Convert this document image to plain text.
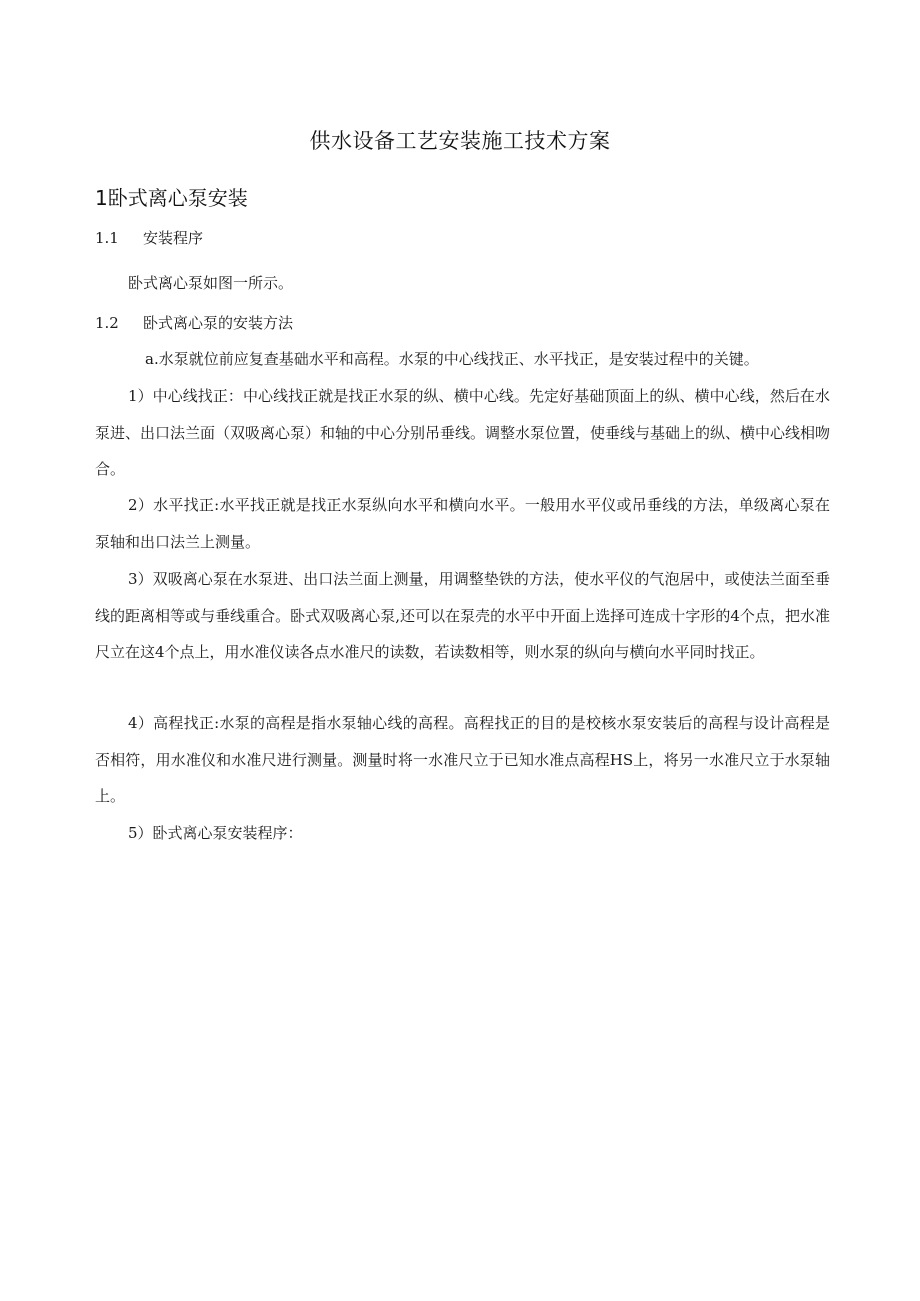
供水设备工艺安装施工技术方案
1卧式离心泵安装
1.1 安装程序

卧式离心泵如图一所示。

1.2 卧式离心泵的安装方法

a.水泵就位前应复查基础水平和高程。水泵的中心线找正、水平找正，是安装过程中的关键。

1）中心线找正：中心线找正就是找正水泵的纵、横中心线。先定好基础顶面上的纵、横中心线，然后在水泵进、出口法兰面（双吸离心泵）和轴的中心分别吊垂线。调整水泵位置，使垂线与基础上的纵、横中心线相吻合。

2）水平找正:水平找正就是找正水泵纵向水平和横向水平。一般用水平仪或吊垂线的方法，单级离心泵在泵轴和出口法兰上测量。

3）双吸离心泵在水泵进、出口法兰面上测量，用调整垫铁的方法，使水平仪的气泡居中，或使法兰面至垂线的距离相等或与垂线重合。卧式双吸离心泵,还可以在泵壳的水平中开面上选择可连成十字形的4个点，把水准尺立在这4个点上，用水准仪读各点水准尺的读数，若读数相等，则水泵的纵向与横向水平同时找正。

4）高程找正:水泵的高程是指水泵轴心线的高程。高程找正的目的是校核水泵安装后的高程与设计高程是否相符，用水准仪和水准尺进行测量。测量时将一水准尺立于已知水准点高程HS上，将另一水准尺立于水泵轴上。

5）卧式离心泵安装程序：
